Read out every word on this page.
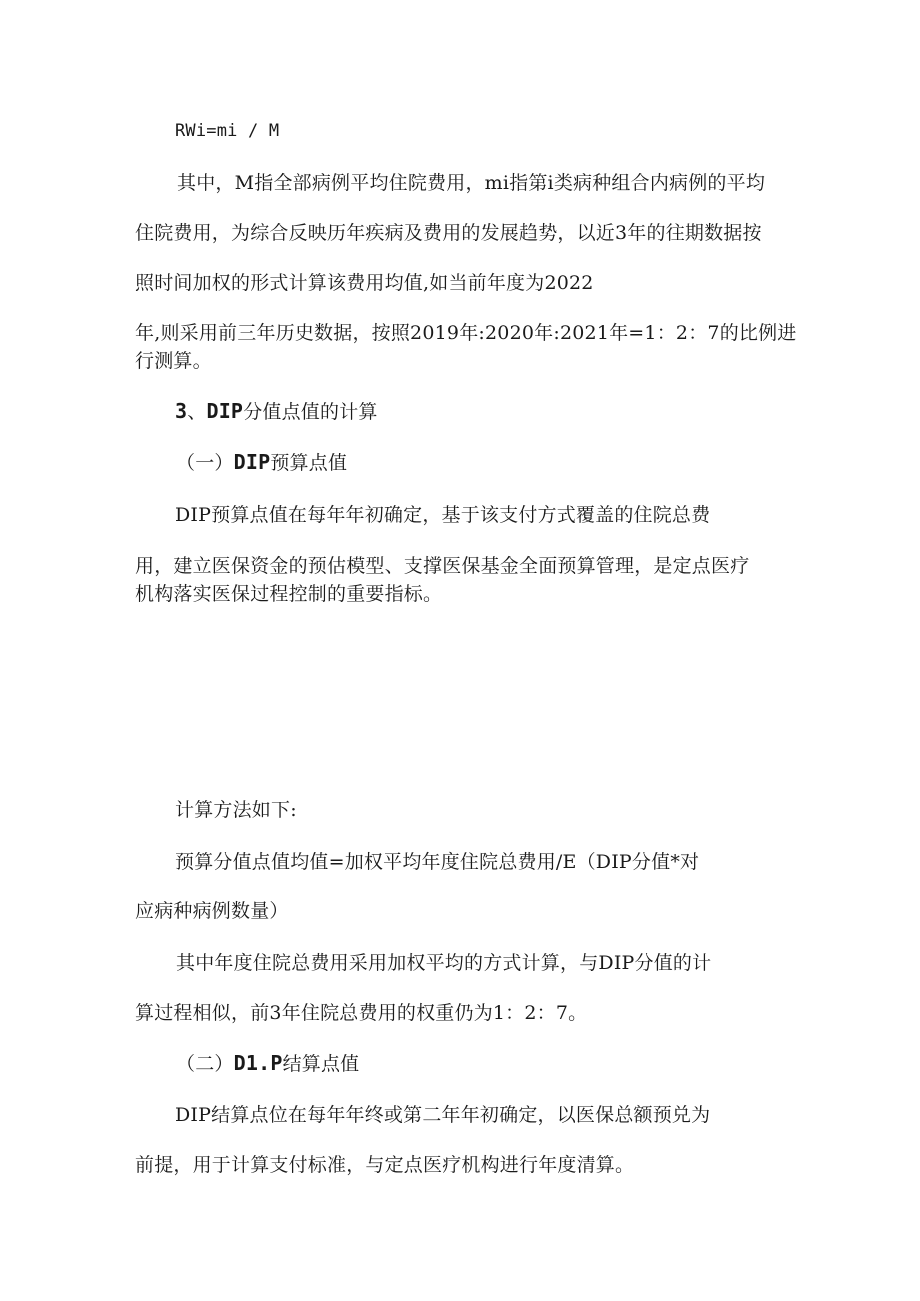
RWi=mi / M
其中，M指全部病例平均住院费用，mi指第i类病种组合内病例的平均
住院费用，为综合反映历年疾病及费用的发展趋势，以近3年的往期数据按
照时间加权的形式计算该费用均值,如当前年度为2022
年,则采用前三年历史数据，按照2019年:2020年:2021年=1：2：7的比例进
行测算。
3、DIP分值点值的计算
（一）DIP预算点值
DIP预算点值在每年年初确定，基于该支付方式覆盖的住院总费
用，建立医保资金的预估模型、支撑医保基金全面预算管理，是定点医疗
机构落实医保过程控制的重要指标。
计算方法如下:
预算分值点值均值=加权平均年度住院总费用/E（DIP分值*对
应病种病例数量）
其中年度住院总费用采用加权平均的方式计算，与DIP分值的计
算过程相似，前3年住院总费用的权重仍为1：2：7。
（二）D1.P结算点值
DIP结算点位在每年年终或第二年年初确定，以医保总额预兑为
前提，用于计算支付标准，与定点医疗机构进行年度清算。
